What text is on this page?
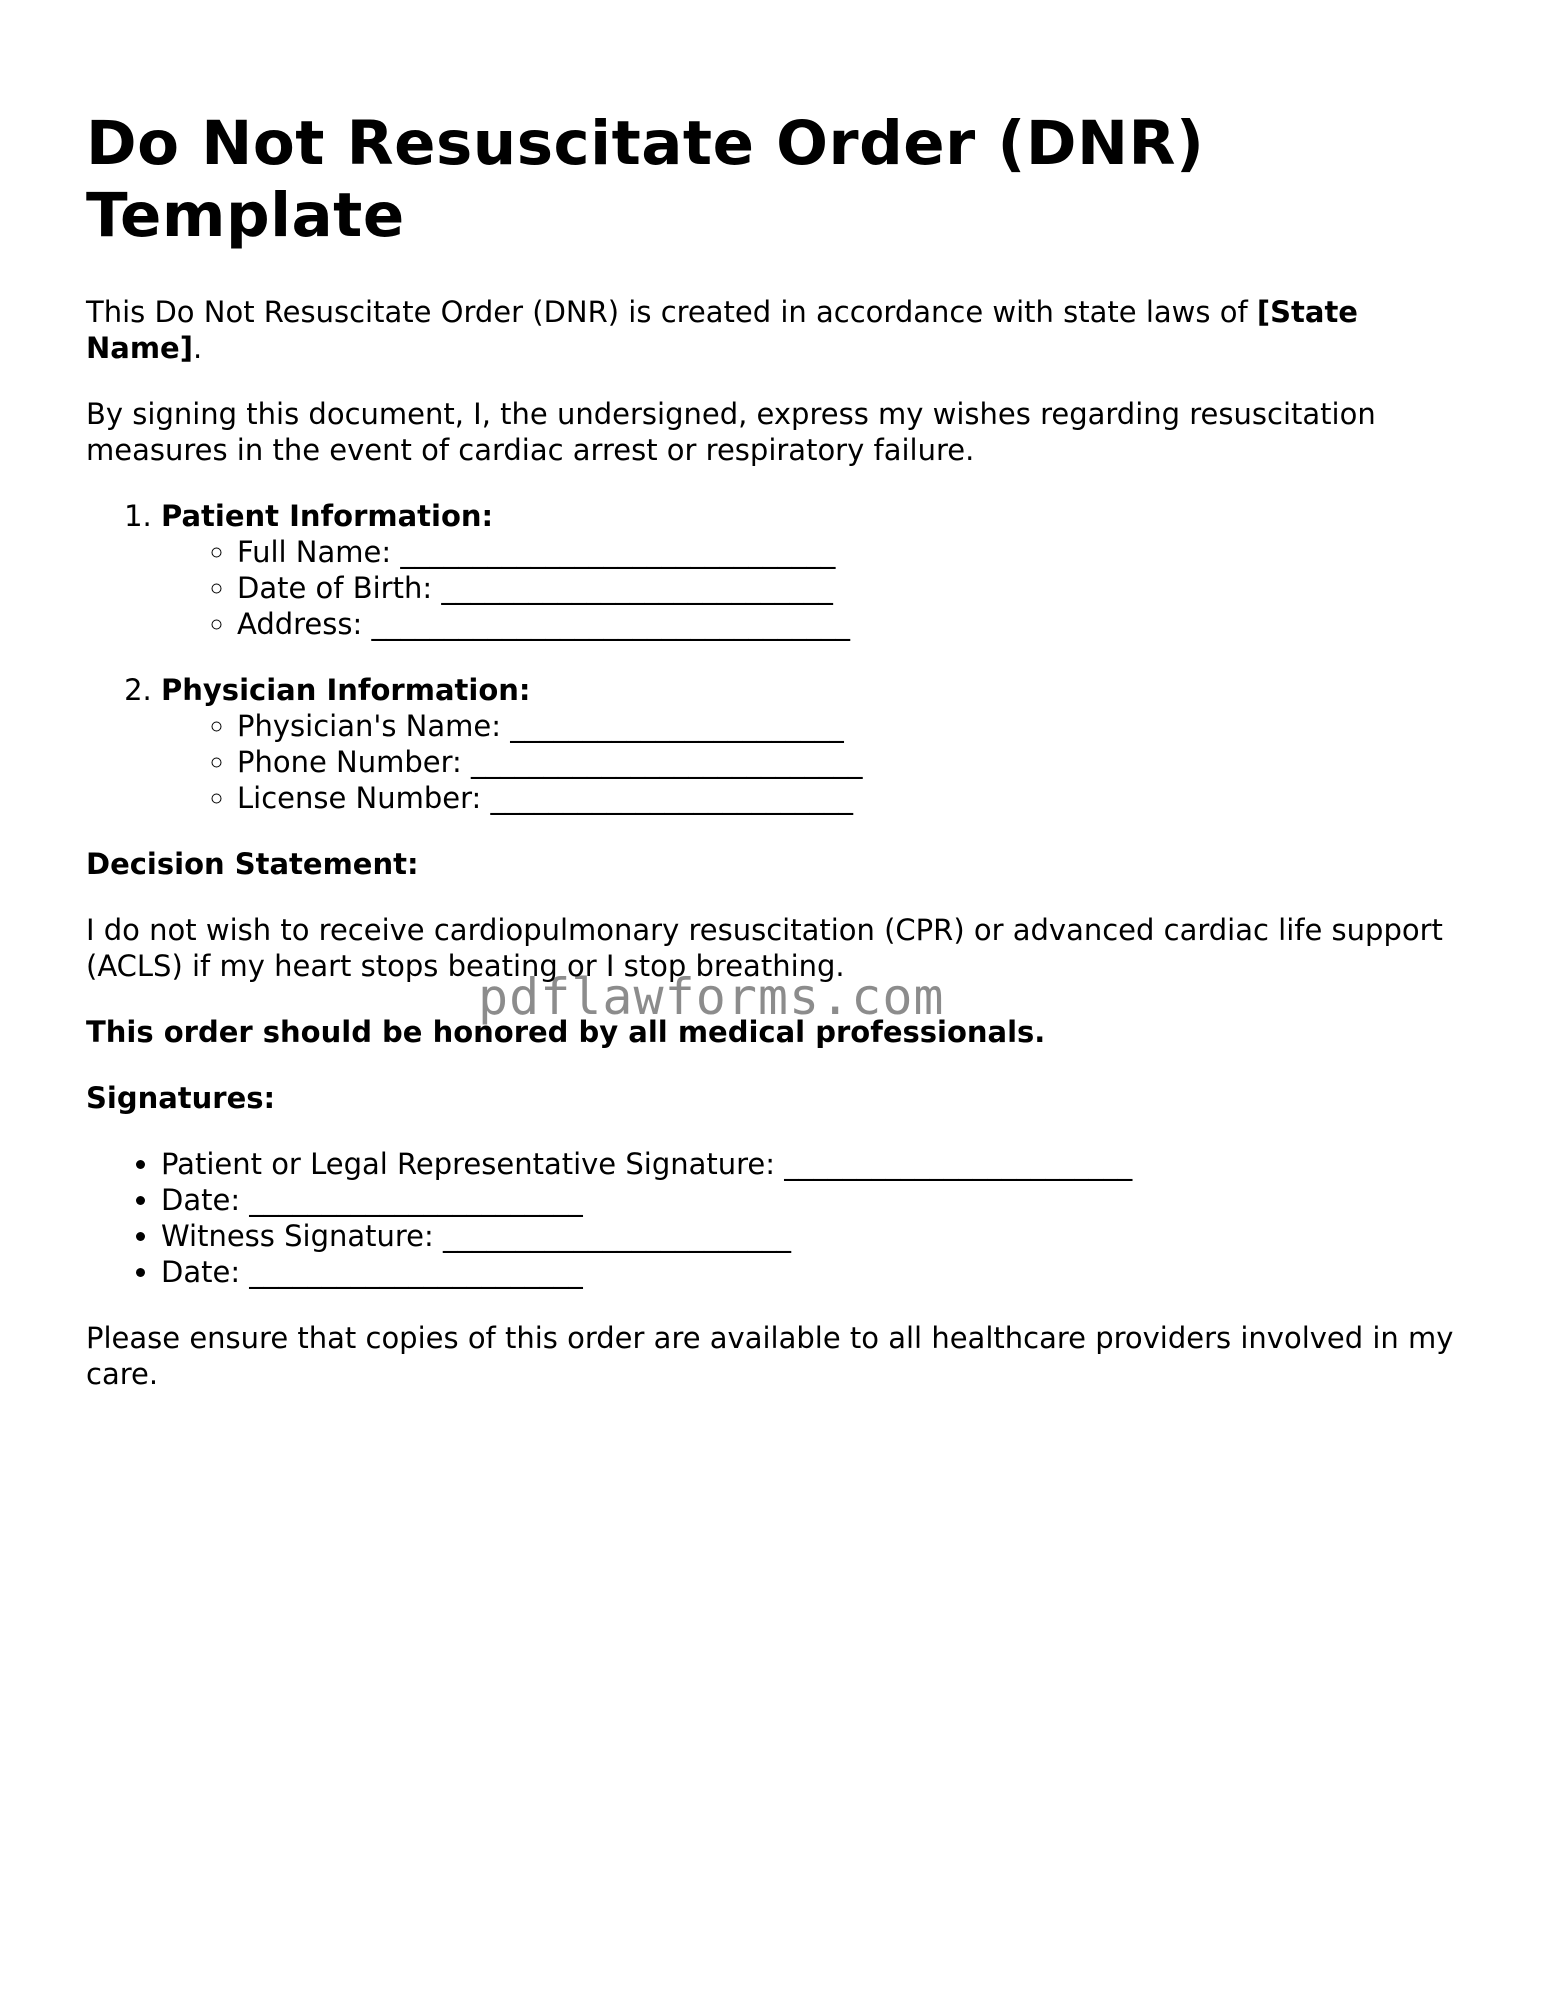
Do Not Resuscitate Order (DNR) Template

This Do Not Resuscitate Order (DNR) is created in accordance with state laws of [State Name].

By signing this document, I, the undersigned, express my wishes regarding resuscitation measures in the event of cardiac arrest or respiratory failure.

1. Patient Information:
◦ Full Name: ______________________________
◦ Date of Birth: ___________________________
◦ Address: _________________________________
2. Physician Information:
◦ Physician's Name: _______________________
◦ Phone Number: ___________________________
◦ License Number: _________________________

Decision Statement:

I do not wish to receive cardiopulmonary resuscitation (CPR) or advanced cardiac life support (ACLS) if my heart stops beating or I stop breathing.

This order should be honored by all medical professionals.

Signatures:

• Patient or Legal Representative Signature: ________________________
• Date: _______________________
• Witness Signature: ________________________
• Date: _______________________

Please ensure that copies of this order are available to all healthcare providers involved in my care.

pdflawforms.com
